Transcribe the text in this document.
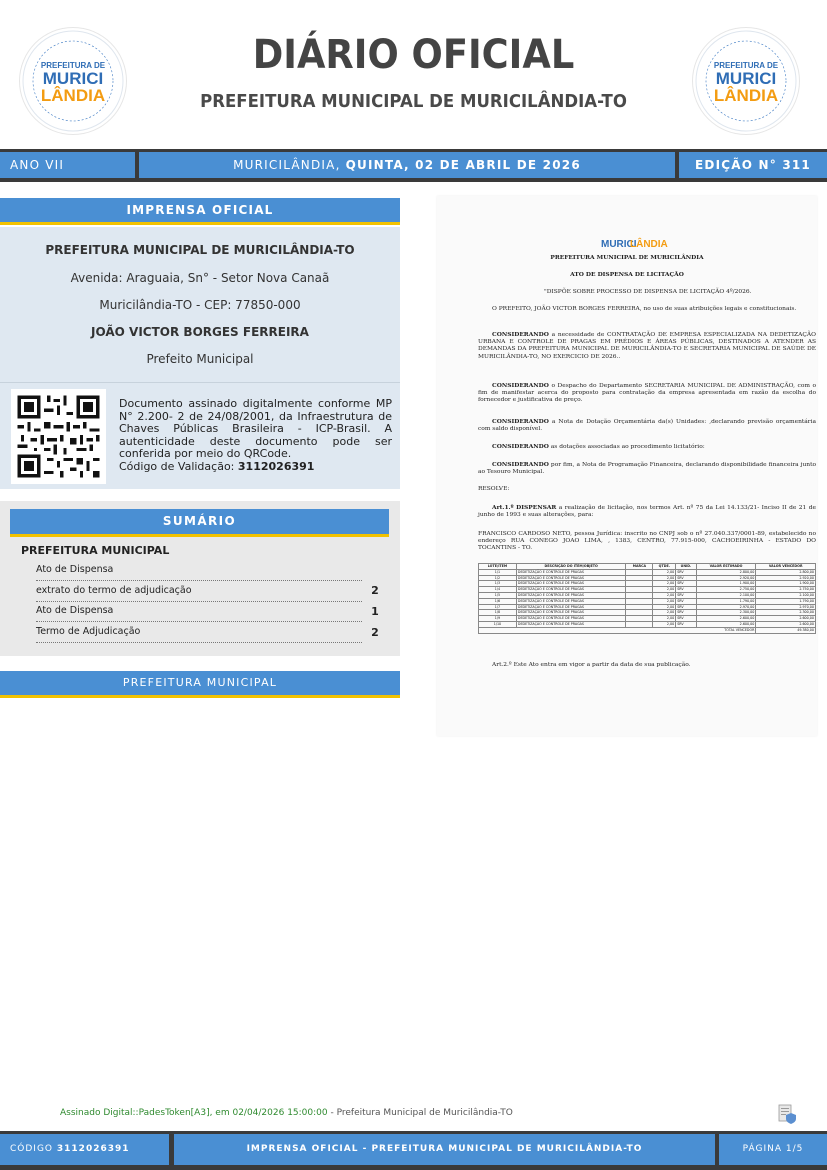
PREFEITURA DE
MURICI
LÂNDIA
DIÁRIO OFICIAL
PREFEITURA MUNICIPAL DE MURICILÂNDIA-TO
PREFEITURA DE
MURICI
LÂNDIA
ANO VII	MURICILÂNDIA, QUINTA, 02 DE ABRIL DE 2026	EDIÇÃO N° 311
IMPRENSA OFICIAL
PREFEITURA MUNICIPAL DE MURICILÂNDIA-TO
Avenida: Araguaia, Sn° - Setor Nova Canaã
Muricilândia-TO - CEP: 77850-000
JOÃO VICTOR BORGES FERREIRA
Prefeito Municipal
Documento assinado digitalmente conforme MP N° 2.200- 2 de 24/08/2001, da Infraestrutura de Chaves Públicas Brasileira - ICP-Brasil. A autenticidade deste documento pode ser conferida por meio do QRCode.
Código de Validação: 3112026391
SUMÁRIO
PREFEITURA MUNICIPAL
Ato de Dispensa
extrato do termo de adjudicação	2
Ato de Dispensa	1
Termo de Adjudicação	2
PREFEITURA MUNICIPAL
MURICI
LÂNDIA
PREFEITURA MUNICIPAL DE MURICILÂNDIA
ATO DE DISPENSA DE LICITAÇÃO
"DISPÕE SOBRE PROCESSO DE DISPENSA DE LICITAÇÃO 4º/2026.
O PREFEITO, JOÃO VICTOR BORGES FERREIRA, no uso de suas atribuições legais e constitucionais.
CONSIDERANDO a necessidade de CONTRATAÇÃO DE EMPRESA ESPECIALIZADA NA DEDETIZAÇÃO URBANA E CONTROLE DE PRAGAS EM PRÉDIOS E ÁREAS PÚBLICAS, DESTINADOS A ATENDER AS DEMANDAS DA PREFEITURA MUNICIPAL DE MURICILÂNDIA-TO E SECRETARIA MUNICIPAL DE SAÚDE DE MURICILÂNDIA-TO, NO EXERCICIO DE 2026..
CONSIDERANDO o Despacho do Departamento SECRETARIA MUNICIPAL DE ADMINISTRAÇÃO, com o fim de manifestar acerca do proposto para contratação da empresa apresentada em razão da escolha do fornecedor e justificativa de preço.
CONSIDERANDO a Nota de Dotação Orçamentária da(s) Unidades: ,declarando previsão orçamentária com saldo disponível.
CONSIDERANDO as dotações associadas ao procedimento licitatório:
CONSIDERANDO por fim, a Nota de Programação Financeira, declarando disponibilidade financeira junto ao Tesouro Municipal.
RESOLVE:
Art.1.º DISPENSAR a realização de licitação, nos termos Art. nº 75 da Lei 14.133/21- Inciso II de 21 de junho de 1993 e suas alterações, para:
FRANCISCO CARDOSO NETO, pessoa Jurídica: inscrito no CNPJ sob o nº 27.040.337/0001-89, estabelecido no endereço RUA CONEGO JOAO LIMA, , 1383, CENTRO, 77.915-000, CACHOEIRINHA - ESTADO DO TOCANTINS - TO.
LOTE/ITEM	DESCRIÇÃO DO ITEM/OBJETO	MARCA	QTDE.	UNID.	VALOR ESTIMADO	VALOR VENCEDOR
1/1	DEDETIZAÇÃO E CONTROLE DE PRAGAS		2,00	SRV	2.800,00	2.800,00
1/2	DEDETIZAÇÃO E CONTROLE DE PRAGAS		2,00	SRV	2.920,00	2.920,00
1/3	DEDETIZAÇÃO E CONTROLE DE PRAGAS		2,00	SRV	1.900,00	1.900,00
1/4	DEDETIZAÇÃO E CONTROLE DE PRAGAS		2,00	SRV	2.750,00	2.750,00
1/5	DEDETIZAÇÃO E CONTROLE DE PRAGAS		2,00	SRV	2.100,00	2.100,00
1/6	DEDETIZAÇÃO E CONTROLE DE PRAGAS		2,00	SRV	1.790,00	1.790,00
1/7	DEDETIZAÇÃO E CONTROLE DE PRAGAS		2,00	SRV	2.970,00	2.970,00
1/8	DEDETIZAÇÃO E CONTROLE DE PRAGAS		2,00	SRV	2.300,00	2.300,00
1/9	DEDETIZAÇÃO E CONTROLE DE PRAGAS		2,00	SRV	2.600,00	2.600,00
1/10	DEDETIZAÇÃO E CONTROLE DE PRAGAS		2,00	SRV	2.600,00	2.600,00
TOTAL VENCEDOR						49.380,00
Art.2.º Este Ato entra em vigor a partir da data de sua publicação.
Assinado Digital::PadesToken[A3], em 02/04/2026 15:00:00 - Prefeitura Municipal de Muricilândia-TO
CÓDIGO 3112026391	IMPRENSA OFICIAL - PREFEITURA MUNICIPAL DE MURICILÂNDIA-TO	PÁGINA 1/5
